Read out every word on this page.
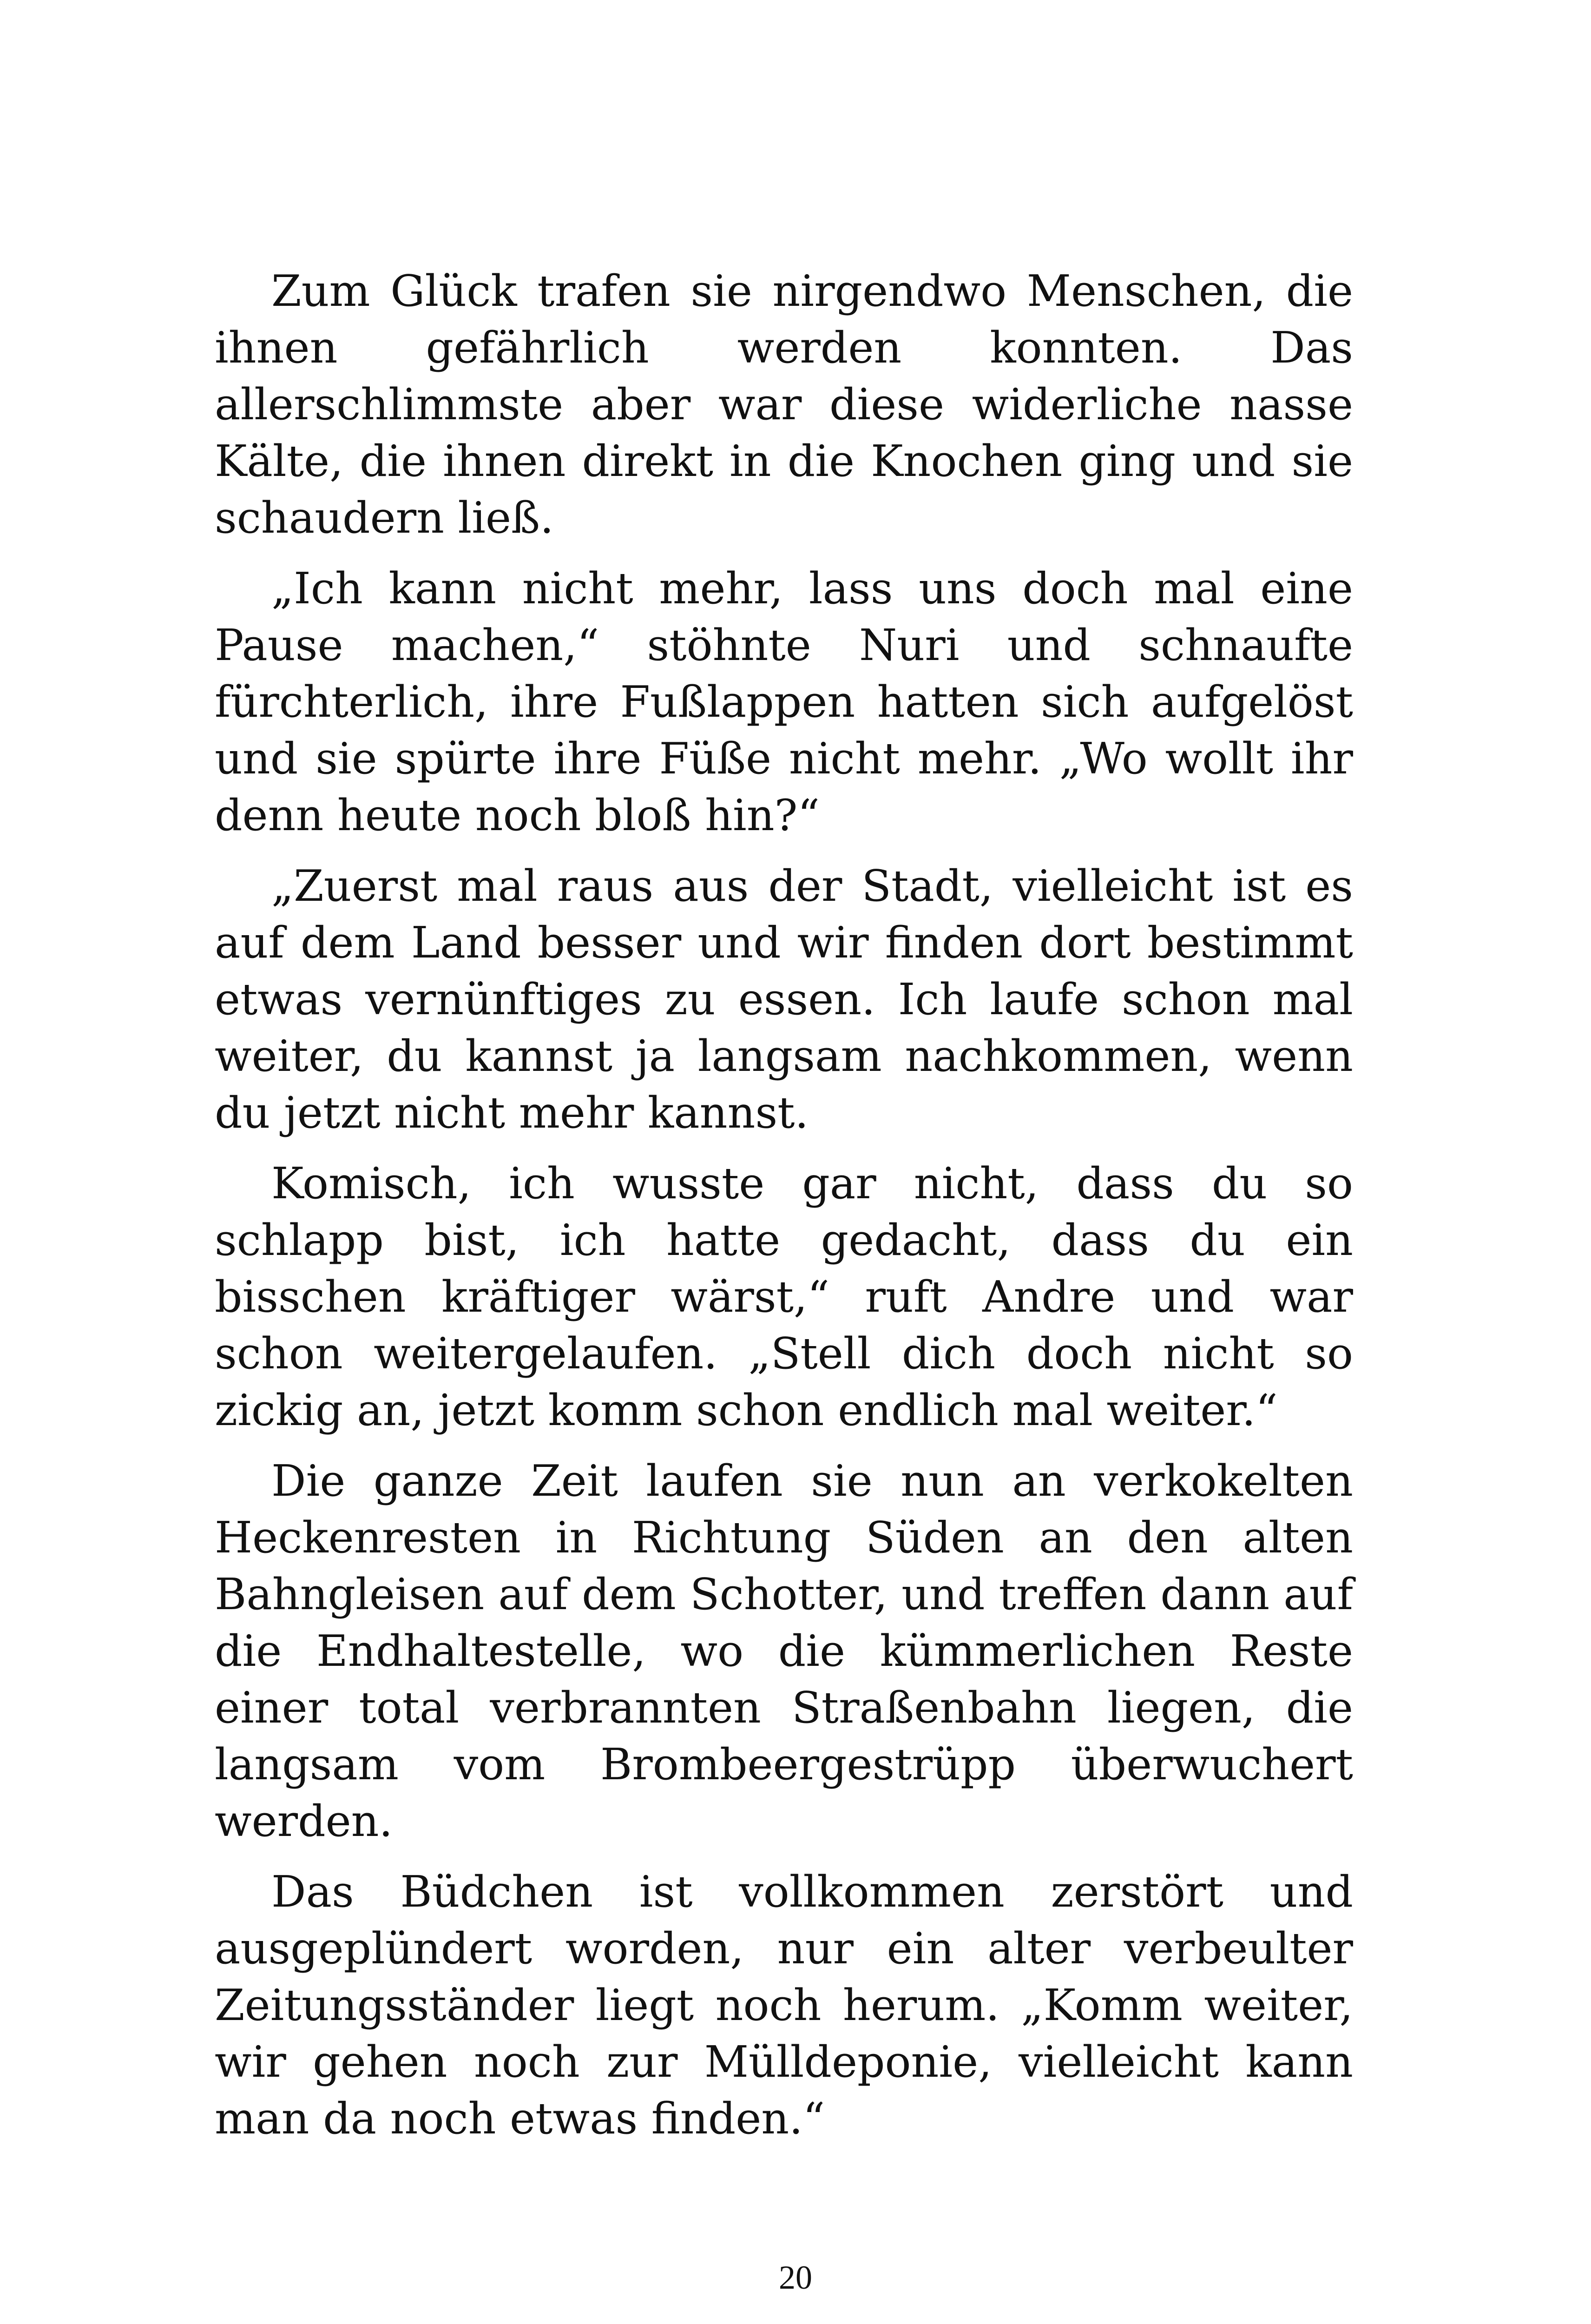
Zum Glück trafen sie nirgendwo Menschen, die ihnen gefährlich werden konnten. Das allerschlimmste aber war diese widerliche nasse Kälte, die ihnen direkt in die Knochen ging und sie schaudern ließ.

„Ich kann nicht mehr, lass uns doch mal eine Pause machen,“ stöhnte Nuri und schnaufte fürchterlich, ihre Fußlappen hatten sich aufgelöst und sie spürte ihre Füße nicht mehr. „Wo wollt ihr denn heute noch bloß hin?“

„Zuerst mal raus aus der Stadt, vielleicht ist es auf dem Land besser und wir finden dort bestimmt etwas vernünftiges zu essen. Ich laufe schon mal weiter, du kannst ja langsam nachkommen, wenn du jetzt nicht mehr kannst.

Komisch, ich wusste gar nicht, dass du so schlapp bist, ich hatte gedacht, dass du ein bisschen kräftiger wärst,“ ruft Andre und war schon weitergelaufen. „Stell dich doch nicht so zickig an, jetzt komm schon endlich mal weiter.“

Die ganze Zeit laufen sie nun an verkokelten Heckenresten in Richtung Süden an den alten Bahngleisen auf dem Schotter, und treffen dann auf die Endhaltestelle, wo die kümmerlichen Reste einer total verbrannten Straßenbahn liegen, die langsam vom Brombeergestrüpp überwuchert werden.

Das Büdchen ist vollkommen zerstört und ausgeplündert worden, nur ein alter verbeulter Zeitungsständer liegt noch herum. „Komm weiter, wir gehen noch zur Mülldeponie, vielleicht kann man da noch etwas finden.“

20
